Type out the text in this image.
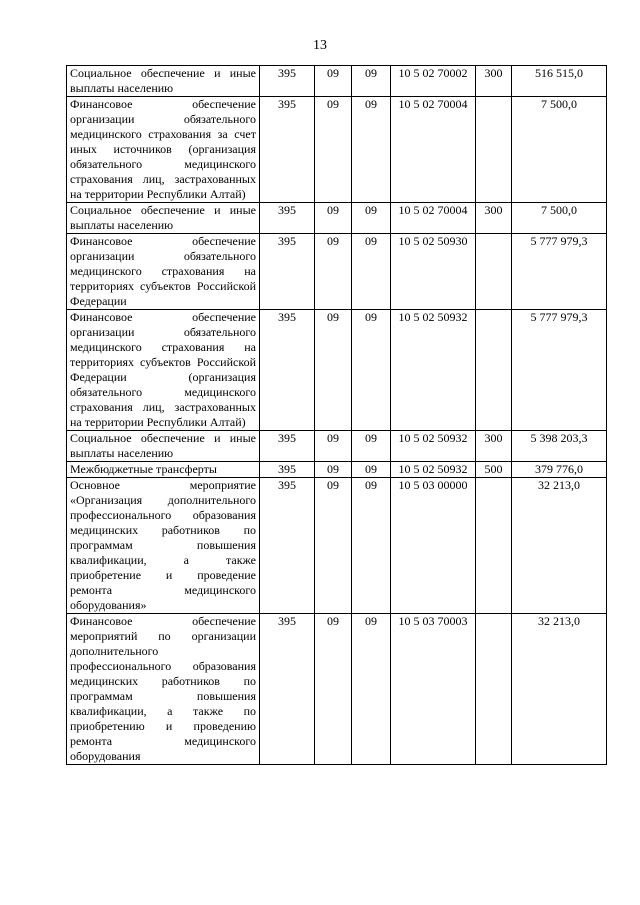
13
Социальное обеспечение и иные выплаты населению	395	09	09	10 5 02 70002	300	516 515,0
Финансовое обеспечение организации обязательного медицинского страхования за счет иных источников (организация обязательного медицинского страхования лиц, застрахованных на территории Республики Алтай)	395	09	09	10 5 02 70004		7 500,0
Социальное обеспечение и иные выплаты населению	395	09	09	10 5 02 70004	300	7 500,0
Финансовое обеспечение организации обязательного медицинского страхования на территориях субъектов Российской Федерации	395	09	09	10 5 02 50930		5 777 979,3
Финансовое обеспечение организации обязательного медицинского страхования на территориях субъектов Российской Федерации (организация обязательного медицинского страхования лиц, застрахованных на территории Республики Алтай)	395	09	09	10 5 02 50932		5 777 979,3
Социальное обеспечение и иные выплаты населению	395	09	09	10 5 02 50932	300	5 398 203,3
Межбюджетные трансферты	395	09	09	10 5 02 50932	500	379 776,0
Основное мероприятие «Организация дополнительного профессионального образования медицинских работников по программам повышения квалификации, а также приобретение и проведение ремонта медицинского оборудования»	395	09	09	10 5 03 00000		32 213,0
Финансовое обеспечение мероприятий по организации дополнительного профессионального образования медицинских работников по программам повышения квалификации, а также по приобретению и проведению ремонта медицинского оборудования	395	09	09	10 5 03 70003		32 213,0
